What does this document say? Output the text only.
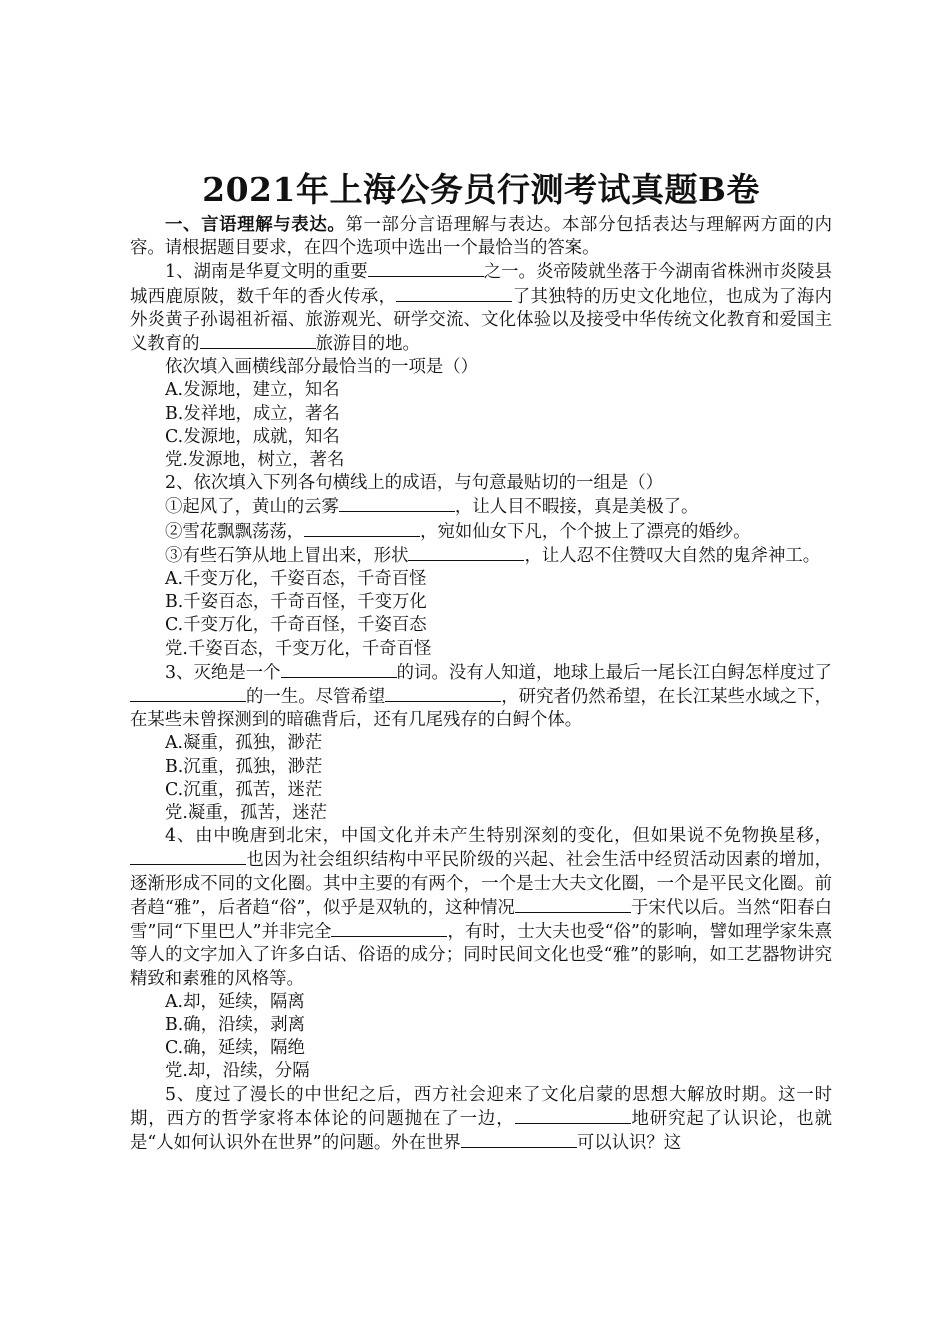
2021年上海公务员行测考试真题B卷

一、言语理解与表达。第一部分言语理解与表达。本部分包括表达与理解两方面的内容。请根据题目要求，在四个选项中选出一个最恰当的答案。

1、湖南是华夏文明的重要	之一。炎帝陵就坐落于今湖南省株洲市炎陵县城西鹿原陂，数千年的香火传承，	了其独特的历史文化地位，也成为了海内外炎黄子孙谒祖祈福、旅游观光、研学交流、文化体验以及接受中华传统文化教育和爱国主义教育的	旅游目的地。

依次填入画横线部分最恰当的一项是（）

A.发源地，建立，知名

B.发祥地，成立，著名

C.发源地，成就，知名

党.发源地，树立，著名

2、依次填入下列各句横线上的成语，与句意最贴切的一组是（）

①起风了，黄山的云雾	，让人目不暇接，真是美极了。

②雪花飘飘荡荡，	，宛如仙女下凡，个个披上了漂亮的婚纱。

③有些石笋从地上冒出来，形状	，让人忍不住赞叹大自然的鬼斧神工。

A.千变万化，千姿百态，千奇百怪

B.千姿百态，千奇百怪，千变万化

C.千变万化，千奇百怪，千姿百态

党.千姿百态，千变万化，千奇百怪

3、灭绝是一个	的词。没有人知道，地球上最后一尾长江白鲟怎样度过了的一生。尽管希望	，研究者仍然希望，在长江某些水域之下，在某些未曾探测到的暗礁背后，还有几尾残存的白鲟个体。

A.凝重，孤独，渺茫

B.沉重，孤独，渺茫

C.沉重，孤苦，迷茫

党.凝重，孤苦，迷茫

4、由中晚唐到北宋，中国文化并未产生特别深刻的变化，但如果说不免物换星移，也因为社会组织结构中平民阶级的兴起、社会生活中经贸活动因素的增加，逐渐形成不同的文化圈。其中主要的有两个，一个是士大夫文化圈，一个是平民文化圈。前者趋“雅”，后者趋“俗”，似乎是双轨的，这种情况	于宋代以后。当然“阳春白雪”同“下里巴人”并非完全	，有时，士大夫也受“俗”的影响，譬如理学家朱熹等人的文字加入了许多白话、俗语的成分；同时民间文化也受“雅”的影响，如工艺器物讲究精致和素雅的风格等。

A.却，延续，隔离

B.确，沿续，剥离

C.确，延续，隔绝

党.却，沿续，分隔

5、度过了漫长的中世纪之后，西方社会迎来了文化启蒙的思想大解放时期。这一时期，西方的哲学家将本体论的问题抛在了一边，	地研究起了认识论，也就是“人如何认识外在世界”的问题。外在世界	可以认识？这
